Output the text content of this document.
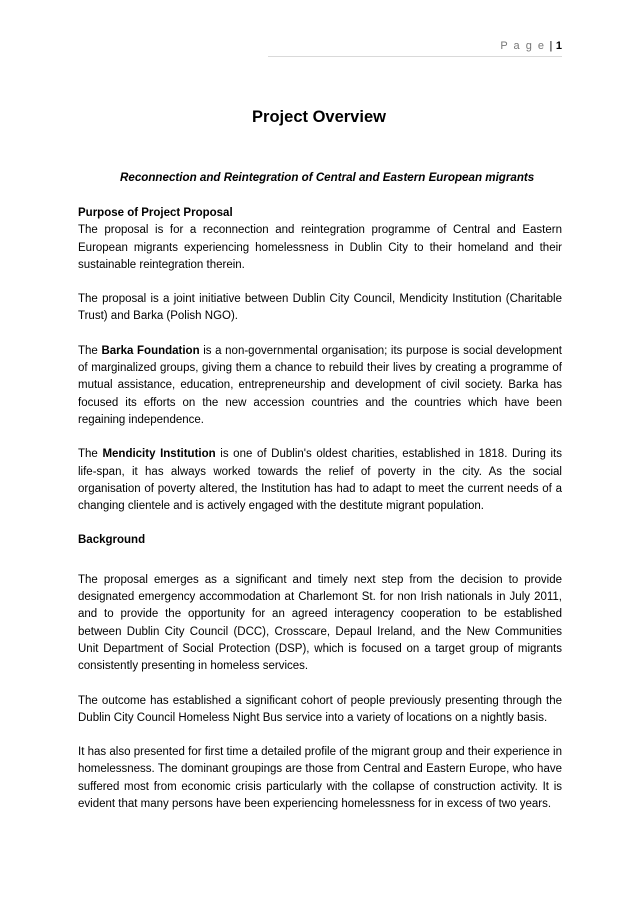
P a g e | 1
Project Overview
Reconnection and Reintegration of Central and Eastern European migrants

Purpose of Project Proposal

The proposal is for a reconnection and reintegration programme of Central and Eastern European migrants experiencing homelessness in Dublin City to their homeland and their sustainable reintegration therein.

The proposal is a joint initiative between Dublin City Council, Mendicity Institution (Charitable Trust) and Barka (Polish NGO).

The Barka Foundation is a non-governmental organisation; its purpose is social development of marginalized groups, giving them a chance to rebuild their lives by creating a programme of mutual assistance, education, entrepreneurship and development of civil society. Barka has focused its efforts on the new accession countries and the countries which have been regaining independence.

The Mendicity Institution is one of Dublin's oldest charities, established in 1818. During its life-span, it has always worked towards the relief of poverty in the city. As the social organisation of poverty altered, the Institution has had to adapt to meet the current needs of a changing clientele and is actively engaged with the destitute migrant population.

Background

The proposal emerges as a significant and timely next step from the decision to provide designated emergency accommodation at Charlemont St. for non Irish nationals in July 2011, and to provide the opportunity for an agreed interagency cooperation to be established between Dublin City Council (DCC), Crosscare, Depaul Ireland, and the New Communities Unit Department of Social Protection (DSP), which is focused on a target group of migrants consistently presenting in homeless services.

The outcome has established a significant cohort of people previously presenting through the Dublin City Council Homeless Night Bus service into a variety of locations on a nightly basis.

It has also presented for first time a detailed profile of the migrant group and their experience in homelessness. The dominant groupings are those from Central and Eastern Europe, who have suffered most from economic crisis particularly with the collapse of construction activity. It is evident that many persons have been experiencing homelessness for in excess of two years.
